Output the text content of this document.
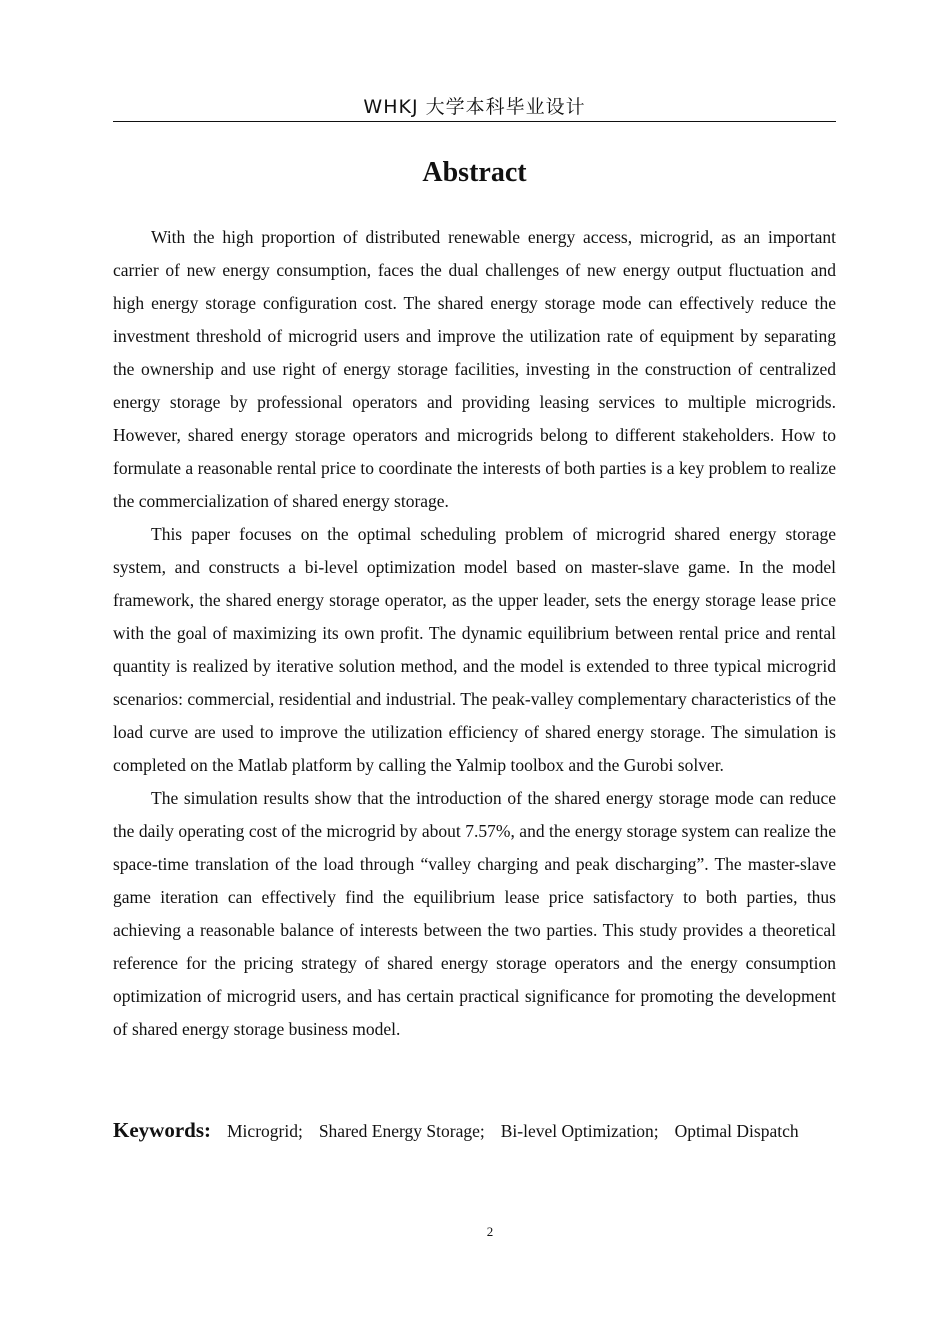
WHKJ 大学本科毕业设计
Abstract

With the high proportion of distributed renewable energy access, microgrid, as an important carrier of new energy consumption, faces the dual challenges of new energy output fluctuation and high energy storage configuration cost. The shared energy storage mode can effectively reduce the investment threshold of microgrid users and improve the utilization rate of equipment by separating the ownership and use right of energy storage facilities, investing in the construction of centralized energy storage by professional operators and providing leasing services to multiple microgrids. However, shared energy storage operators and microgrids belong to different stakeholders. How to formulate a reasonable rental price to coordinate the interests of both parties is a key problem to realize the commercialization of shared energy storage.

This paper focuses on the optimal scheduling problem of microgrid shared energy storage system, and constructs a bi-level optimization model based on master-slave game. In the model framework, the shared energy storage operator, as the upper leader, sets the energy storage lease price with the goal of maximizing its own profit. The dynamic equilibrium between rental price and rental quantity is realized by iterative solution method, and the model is extended to three typical microgrid scenarios: commercial, residential and industrial. The peak-valley complementary characteristics of the load curve are used to improve the utilization efficiency of shared energy storage. The simulation is completed on the Matlab platform by calling the Yalmip toolbox and the Gurobi solver.

The simulation results show that the introduction of the shared energy storage mode can reduce the daily operating cost of the microgrid by about 7.57%, and the energy storage system can realize the space-time translation of the load through “valley charging and peak discharging”. The master-slave game iteration can effectively find the equilibrium lease price satisfactory to both parties, thus achieving a reasonable balance of interests between the two parties. This study provides a theoretical reference for the pricing strategy of shared energy storage operators and the energy consumption optimization of microgrid users, and has certain practical significance for promoting the development of shared energy storage business model.

Keywords: Microgrid; Shared Energy Storage; Bi-level Optimization; Optimal Dispatch
2
